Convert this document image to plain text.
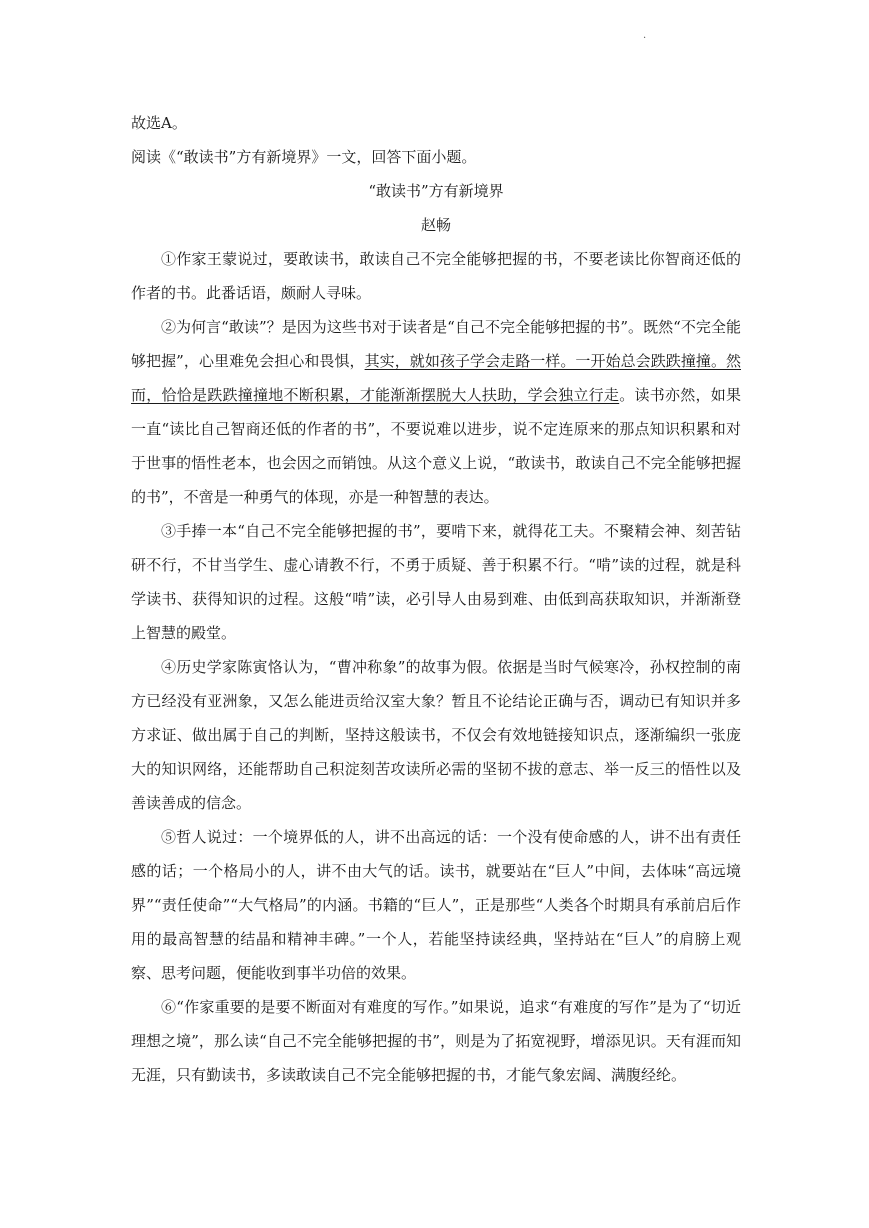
.

故选A。

阅读《“敢读书”方有新境界》一文，回答下面小题。

“敢读书”方有新境界

赵畅

①作家王蒙说过，要敢读书，敢读自己不完全能够把握的书，不要老读比你智商还低的作者的书。此番话语，颇耐人寻味。

②为何言“敢读”？是因为这些书对于读者是“自己不完全能够把握的书”。既然“不完全能够把握”，心里难免会担心和畏惧，其实，就如孩子学会走路一样。一开始总会跌跌撞撞。然而，恰恰是跌跌撞撞地不断积累，才能渐渐摆脱大人扶助，学会独立行走。读书亦然，如果一直“读比自己智商还低的作者的书”，不要说难以进步，说不定连原来的那点知识积累和对于世事的悟性老本，也会因之而销蚀。从这个意义上说，“敢读书，敢读自己不完全能够把握的书”，不啻是一种勇气的体现，亦是一种智慧的表达。

③手捧一本“自己不完全能够把握的书”，要啃下来，就得花工夫。不聚精会神、刻苦钻研不行，不甘当学生、虚心请教不行，不勇于质疑、善于积累不行。“啃”读的过程，就是科学读书、获得知识的过程。这般“啃”读，必引导人由易到难、由低到高获取知识，并渐渐登上智慧的殿堂。

④历史学家陈寅恪认为，“曹冲称象”的故事为假。依据是当时气候寒冷，孙权控制的南方已经没有亚洲象，又怎么能进贡给汉室大象？暂且不论结论正确与否，调动已有知识并多方求证、做出属于自己的判断，坚持这般读书，不仅会有效地链接知识点，逐渐编织一张庞大的知识网络，还能帮助自己积淀刻苦攻读所必需的坚韧不拔的意志、举一反三的悟性以及善读善成的信念。

⑤哲人说过：一个境界低的人，讲不出高远的话：一个没有使命感的人，讲不出有责任感的话；一个格局小的人，讲不由大气的话。读书，就要站在“巨人”中间，去体味“高远境界”“责任使命”“大气格局”的内涵。书籍的“巨人”，正是那些“人类各个时期具有承前启后作用的最高智慧的结晶和精神丰碑。”一个人，若能坚持读经典，坚持站在“巨人”的肩膀上观察、思考问题，便能收到事半功倍的效果。

⑥“作家重要的是要不断面对有难度的写作。”如果说，追求“有难度的写作”是为了“切近理想之境”，那么读“自己不完全能够把握的书”，则是为了拓宽视野，增添见识。天有涯而知无涯，只有勤读书，多读敢读自己不完全能够把握的书，才能气象宏阔、满腹经纶。
